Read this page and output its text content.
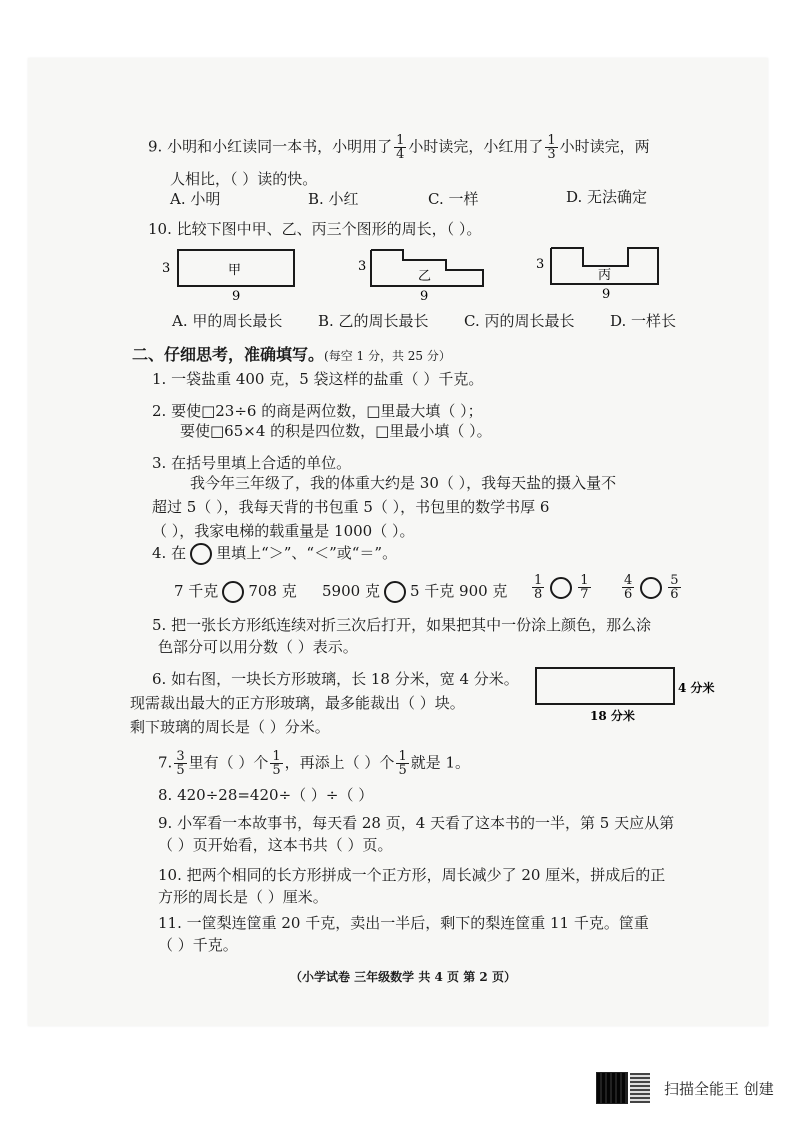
9. 小明和小红读同一本书，小明用了 $\frac{1}{4}$ 小时读完，小红用了 $\frac{1}{3}$ 小时读完，两
人相比，（ ）读的快。
A. 小明	B. 小红	C. 一样	D. 无法确定
10. 比较下图中甲、乙、丙三个图形的周长，（ ）。
甲
3
9
乙
3
9
丙
3
9
A. 甲的周长最长 B. 乙的周长最长 C. 丙的周长最长 D. 一样长
二、仔细思考，准确填写。(每空 1 分，共 25 分）
1. 一袋盐重 400 克，5 袋这样的盐重（ ）千克。
2. 要使□23÷6 的商是两位数，□里最大填（ ）；
要使□65×4 的积是四位数，□里最小填（ ）。
3. 在括号里填上合适的单位。
我今年三年级了，我的体重大约是 30（ ），我每天盐的摄入量不
超过 5（ ），我每天背的书包重 5（ ），书包里的数学书厚 6
（ ），我家电梯的载重量是 1000（ ）。
4. 在 里填上“＞”、“＜”或“＝”。
7 千克 708 克 5900 克 5 千克 900 克 $\frac{1}{8}$	$\frac{1}{7} \frac{4}{6}$	$\frac{5}{6}$
5. 把一张长方形纸连续对折三次后打开，如果把其中一份涂上颜色，那么涂
色部分可以用分数（ ）表示。
6. 如右图，一块长方形玻璃，长 18 分米，宽 4 分米。
现需裁出最大的正方形玻璃，最多能裁出（ ）块。
剩下玻璃的周长是（ ）分米。
4 分米
18 分米
7. $\frac{3}{5}$ 里有（ ）个 $\frac{1}{5}$ ，再添上（ ）个 $\frac{1}{5}$ 就是 1。
8. 420÷28=420÷（ ）÷（ ）
9. 小军看一本故事书，每天看 28 页，4 天看了这本书的一半，第 5 天应从第
（ ）页开始看，这本书共（ ）页。
10. 把两个相同的长方形拼成一个正方形，周长减少了 20 厘米，拼成后的正
方形的周长是（ ）厘米。
11. 一筐梨连筐重 20 千克，卖出一半后，剩下的梨连筐重 11 千克。筐重
（ ）千克。
（小学试卷 三年级数学 共 4 页 第 2 页）
扫描全能王 创建
